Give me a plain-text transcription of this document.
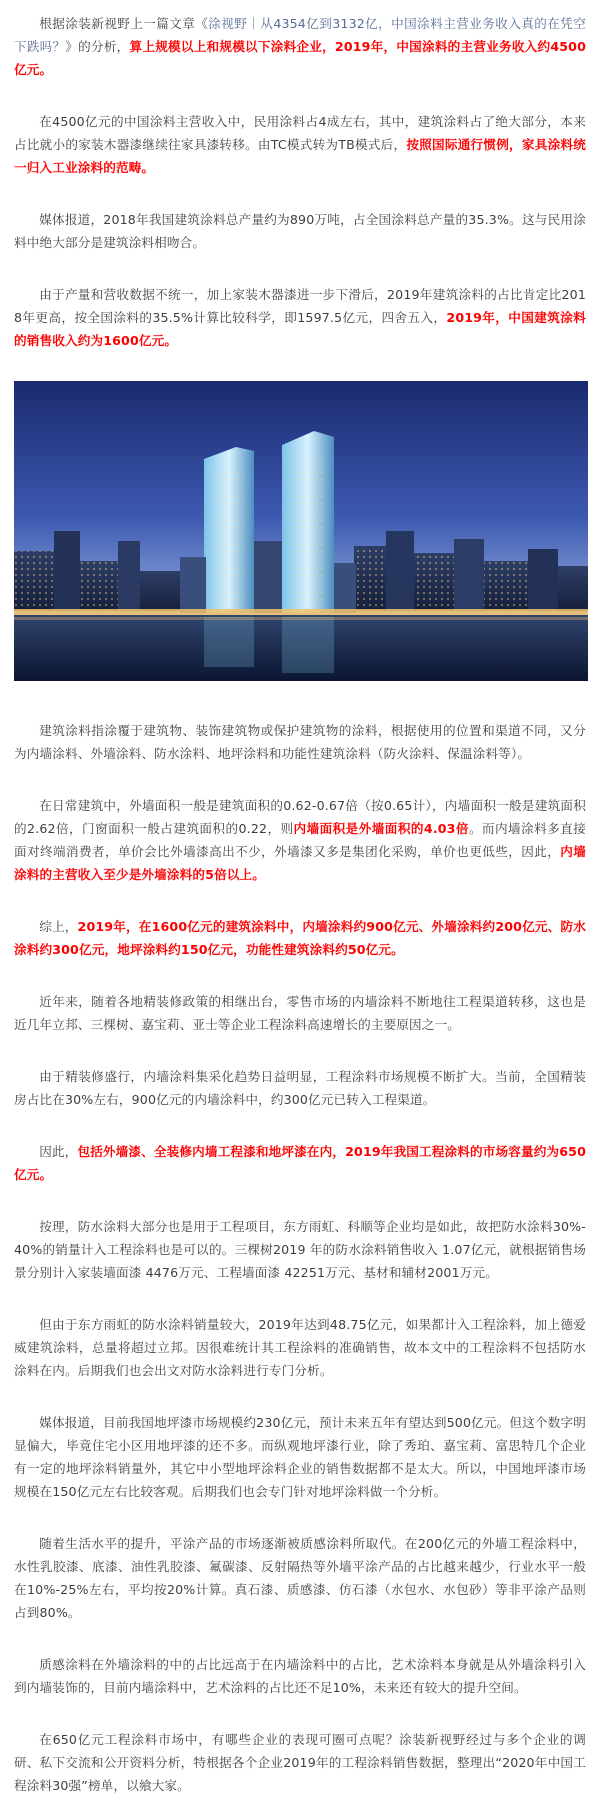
根据涂装新视野上一篇文章《涂视野｜从4354亿到3132亿，中国涂料主营业务收入真的在凭空下跌吗？》的分析，算上规模以上和规模以下涂料企业，2019年，中国涂料的主营业务收入约4500亿元。

在4500亿元的中国涂料主营收入中，民用涂料占4成左右，其中，建筑涂料占了绝大部分，本来占比就小的家装木器漆继续往家具漆转移。由TC模式转为TB模式后，按照国际通行惯例，家具涂料统一归入工业涂料的范畴。

媒体报道，2018年我国建筑涂料总产量约为890万吨，占全国涂料总产量的35.3%。这与民用涂料中绝大部分是建筑涂料相吻合。

由于产量和营收数据不统一，加上家装木器漆进一步下滑后，2019年建筑涂料的占比肯定比2018年更高，按全国涂料的35.5%计算比较科学，即1597.5亿元，四舍五入，2019年，中国建筑涂料的销售收入约为1600亿元。

建筑涂料指涂覆于建筑物、装饰建筑物或保护建筑物的涂料，根据使用的位置和渠道不同，又分为内墙涂料、外墙涂料、防水涂料、地坪涂料和功能性建筑涂料（防火涂料、保温涂料等）。

在日常建筑中，外墙面积一般是建筑面积的0.62-0.67倍（按0.65计），内墙面积一般是建筑面积的2.62倍，门窗面积一般占建筑面积的0.22，则内墙面积是外墙面积的4.03倍。而内墙涂料多直接面对终端消费者，单价会比外墙漆高出不少，外墙漆又多是集团化采购，单价也更低些，因此，内墙涂料的主营收入至少是外墙涂料的5倍以上。

综上，2019年，在1600亿元的建筑涂料中，内墙涂料约900亿元、外墙涂料约200亿元、防水涂料约300亿元，地坪涂料约150亿元，功能性建筑涂料约50亿元。

近年来，随着各地精装修政策的相继出台，零售市场的内墙涂料不断地往工程渠道转移，这也是近几年立邦、三棵树、嘉宝莉、亚士等企业工程涂料高速增长的主要原因之一。

由于精装修盛行，内墙涂料集采化趋势日益明显，工程涂料市场规模不断扩大。当前，全国精装房占比在30%左右，900亿元的内墙涂料中，约300亿元已转入工程渠道。

因此，包括外墙漆、全装修内墙工程漆和地坪漆在内，2019年我国工程涂料的市场容量约为650亿元。

按理，防水涂料大部分也是用于工程项目，东方雨虹、科顺等企业均是如此，故把防水涂料30%-40%的销量计入工程涂料也是可以的。三棵树2019 年的防水涂料销售收入 1.07亿元，就根据销售场景分别计入家装墙面漆 4476万元、工程墙面漆 42251万元、基材和辅材2001万元。

但由于东方雨虹的防水涂料销量较大，2019年达到48.75亿元，如果都计入工程涂料，加上德爱威建筑涂料，总量将超过立邦。因很难统计其工程涂料的准确销售，故本文中的工程涂料不包括防水涂料在内。后期我们也会出文对防水涂料进行专门分析。

媒体报道，目前我国地坪漆市场规模约230亿元，预计未来五年有望达到500亿元。但这个数字明显偏大，毕竟住宅小区用地坪漆的还不多。而纵观地坪漆行业，除了秀珀、嘉宝莉、富思特几个企业有一定的地坪涂料销量外，其它中小型地坪涂料企业的销售数据都不是太大。所以，中国地坪漆市场规模在150亿元左右比较客观。后期我们也会专门针对地坪涂料做一个分析。

随着生活水平的提升，平涂产品的市场逐渐被质感涂料所取代。在200亿元的外墙工程涂料中，水性乳胶漆、底漆、油性乳胶漆、氟碳漆、反射隔热等外墙平涂产品的占比越来越少，行业水平一般在10%-25%左右，平均按20%计算。真石漆、质感漆、仿石漆（水包水、水包砂）等非平涂产品则占到80%。

质感涂料在外墙涂料的中的占比远高于在内墙涂料中的占比，艺术涂料本身就是从外墙涂料引入到内墙装饰的，目前内墙涂料中，艺术涂料的占比还不足10%，未来还有较大的提升空间。

在650亿元工程涂料市场中，有哪些企业的表现可圈可点呢？涂装新视野经过与多个企业的调研、私下交流和公开资料分析，特根据各个企业2019年的工程涂料销售数据，整理出“2020年中国工程涂料30强”榜单，以飨大家。
